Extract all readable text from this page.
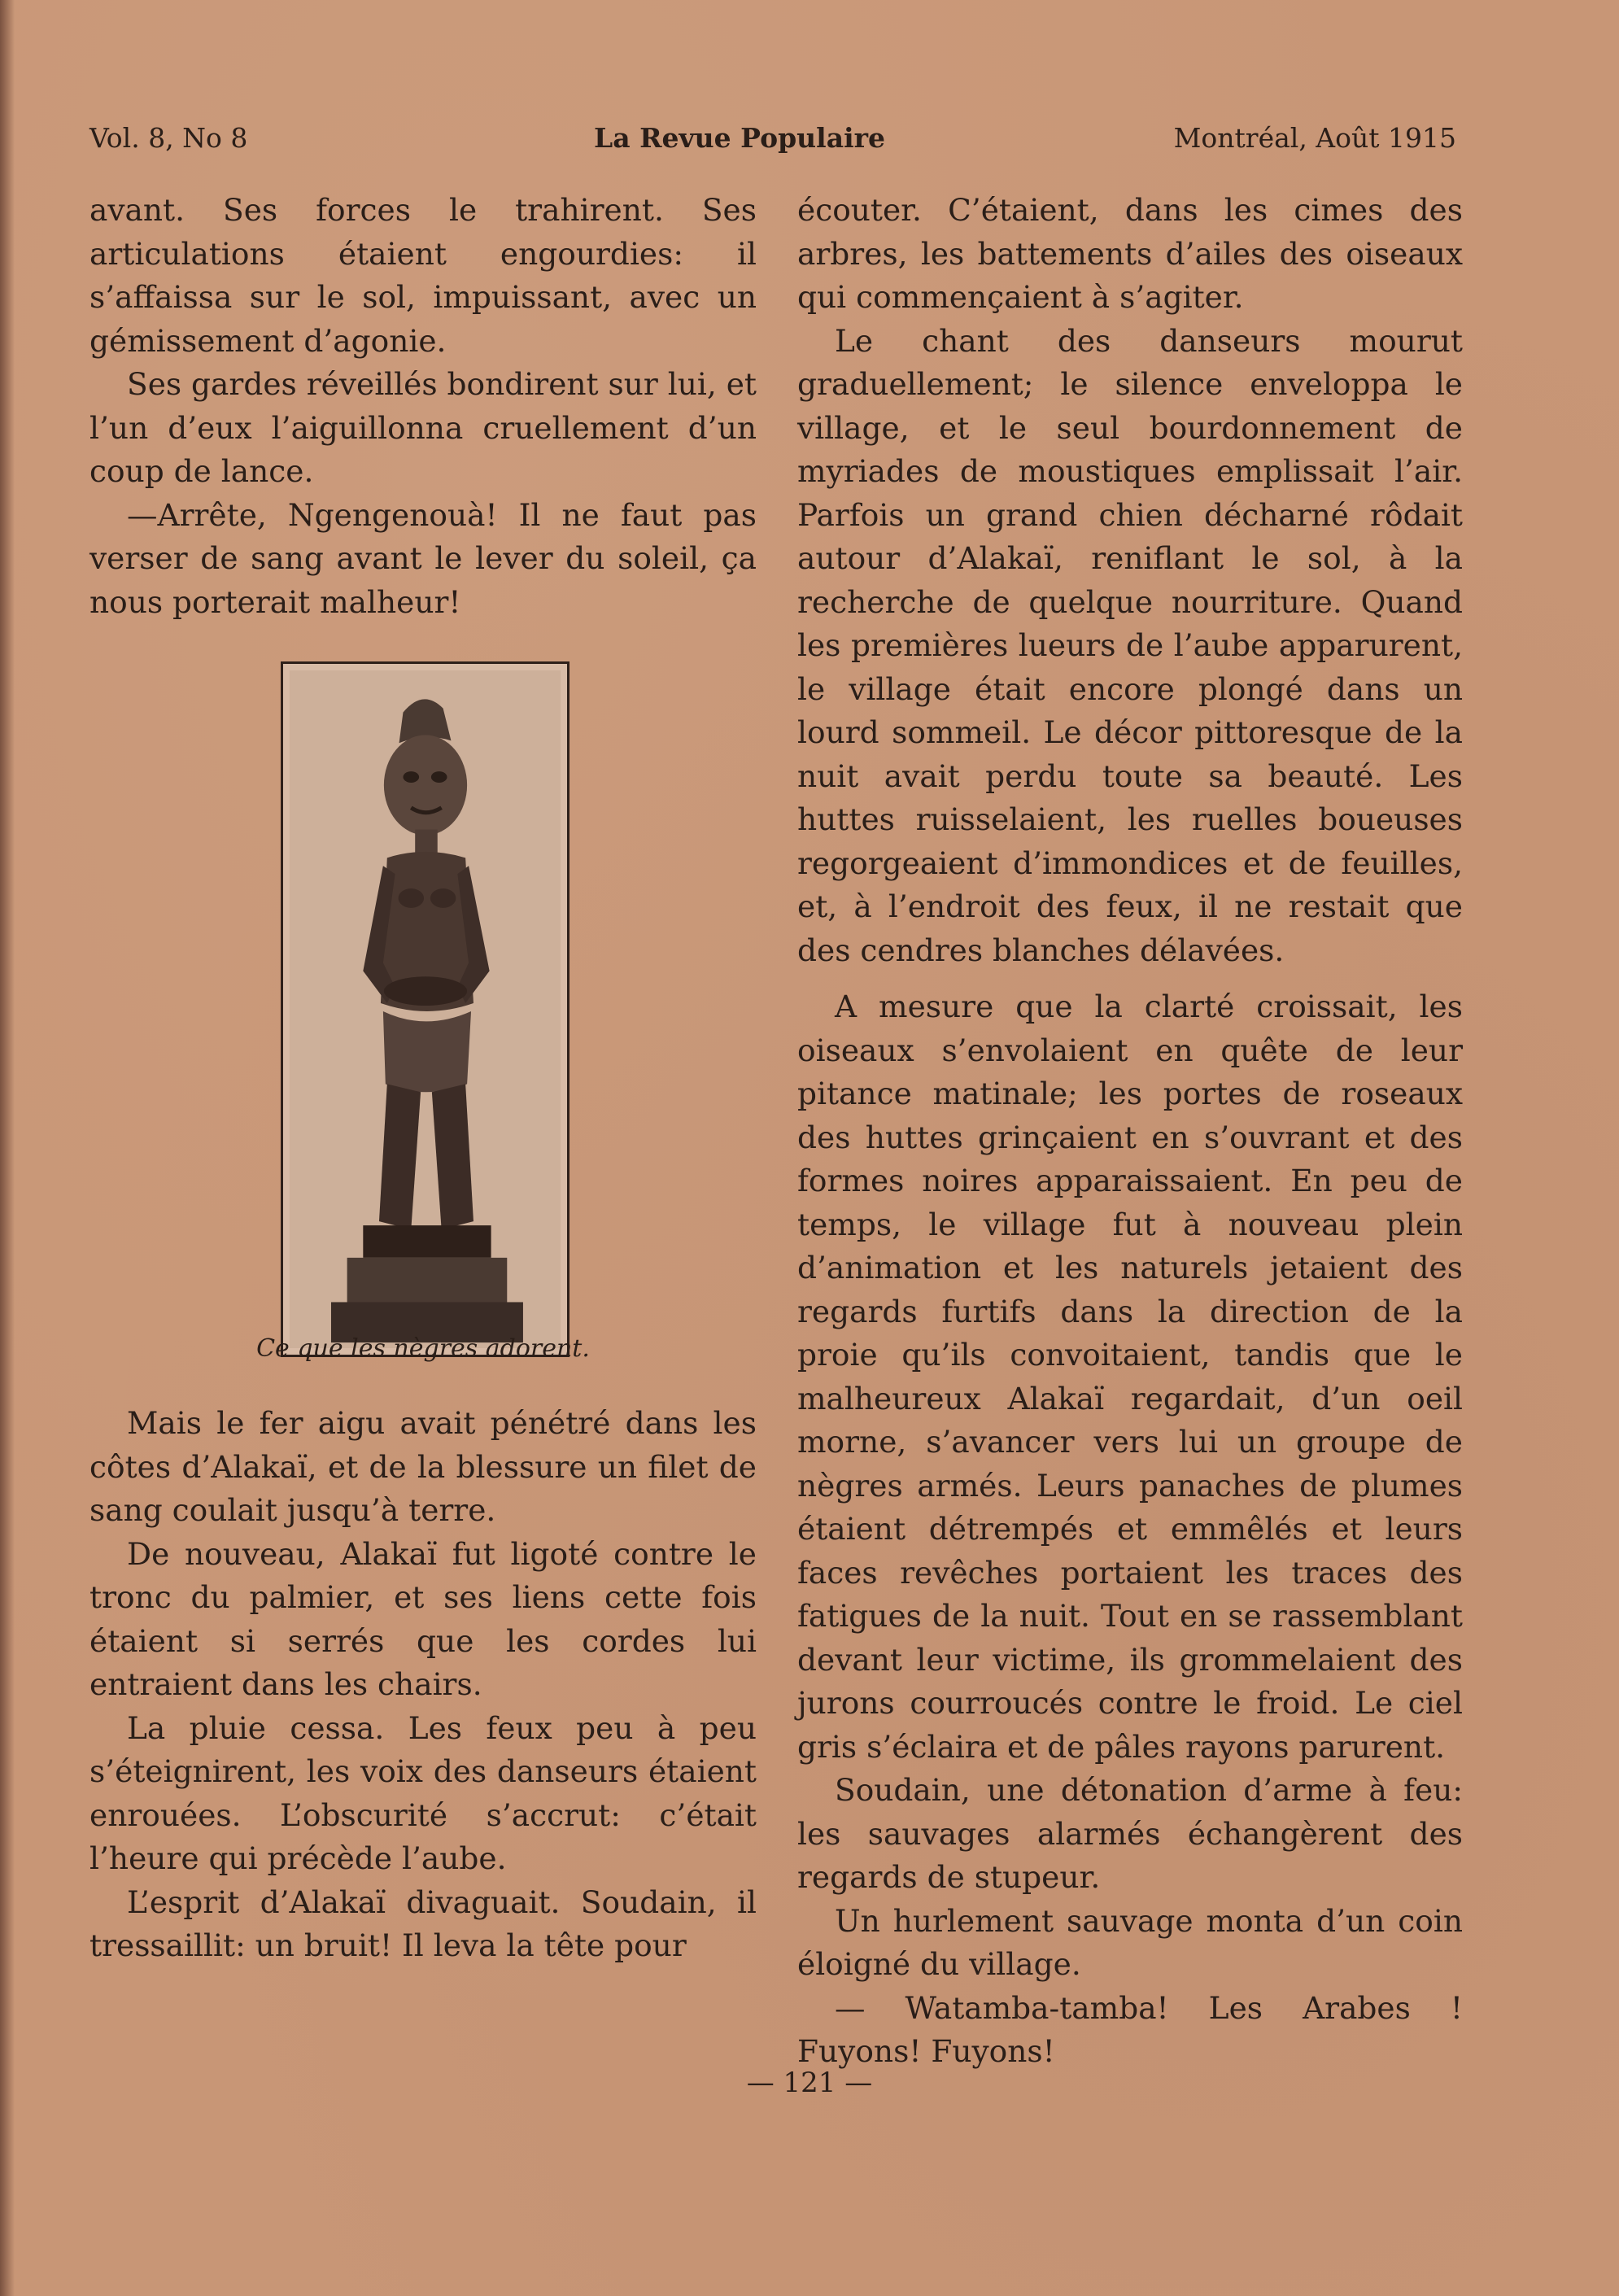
Vol. 8, No 8	La Revue Populaire	Montréal, Août 1915

avant. Ses forces le trahirent. Ses articulations étaient engourdies: il s’affaissa sur le sol, impuissant, avec un gémissement d’agonie.

Ses gardes réveillés bondirent sur lui, et l’un d’eux l’aiguillonna cruellement d’un coup de lance.

—Arrête, Ngengenouà! Il ne faut pas verser de sang avant le lever du soleil, ça nous porterait malheur!

Ce que les nègres adorent.

Mais le fer aigu avait pénétré dans les côtes d’Alakaï, et de la blessure un filet de sang coulait jusqu’à terre.

De nouveau, Alakaï fut ligoté contre le tronc du palmier, et ses liens cette fois étaient si serrés que les cordes lui entraient dans les chairs.

La pluie cessa. Les feux peu à peu s’éteignirent, les voix des danseurs étaient enrouées. L’obscurité s’accrut: c’était l’heure qui précède l’aube.

L’esprit d’Alakaï divaguait. Soudain, il tressaillit: un bruit! Il leva la tête pour

écouter. C’étaient, dans les cimes des arbres, les battements d’ailes des oiseaux qui commençaient à s’agiter.

Le chant des danseurs mourut graduellement; le silence enveloppa le village, et le seul bourdonnement de myriades de moustiques emplissait l’air. Parfois un grand chien décharné rôdait autour d’Alakaï, reniflant le sol, à la recherche de quelque nourriture. Quand les premières lueurs de l’aube apparurent, le village était encore plongé dans un lourd sommeil. Le décor pittoresque de la nuit avait perdu toute sa beauté. Les huttes ruisselaient, les ruelles boueuses regorgeaient d’immondices et de feuilles, et, à l’endroit des feux, il ne restait que des cendres blanches délavées.

A mesure que la clarté croissait, les oiseaux s’envolaient en quête de leur pitance matinale; les portes de roseaux des huttes grinçaient en s’ouvrant et des formes noires apparaissaient. En peu de temps, le village fut à nouveau plein d’animation et les naturels jetaient des regards furtifs dans la direction de la proie qu’ils convoitaient, tandis que le malheureux Alakaï regardait, d’un oeil morne, s’avancer vers lui un groupe de nègres armés. Leurs panaches de plumes étaient détrempés et emmêlés et leurs faces revêches portaient les traces des fatigues de la nuit. Tout en se rassemblant devant leur victime, ils grommelaient des jurons courroucés contre le froid. Le ciel gris s’éclaira et de pâles rayons parurent.

Soudain, une détonation d’arme à feu: les sauvages alarmés échangèrent des regards de stupeur.

Un hurlement sauvage monta d’un coin éloigné du village.

— Watamba-tamba! Les Arabes ! Fuyons! Fuyons!

— 121 —
